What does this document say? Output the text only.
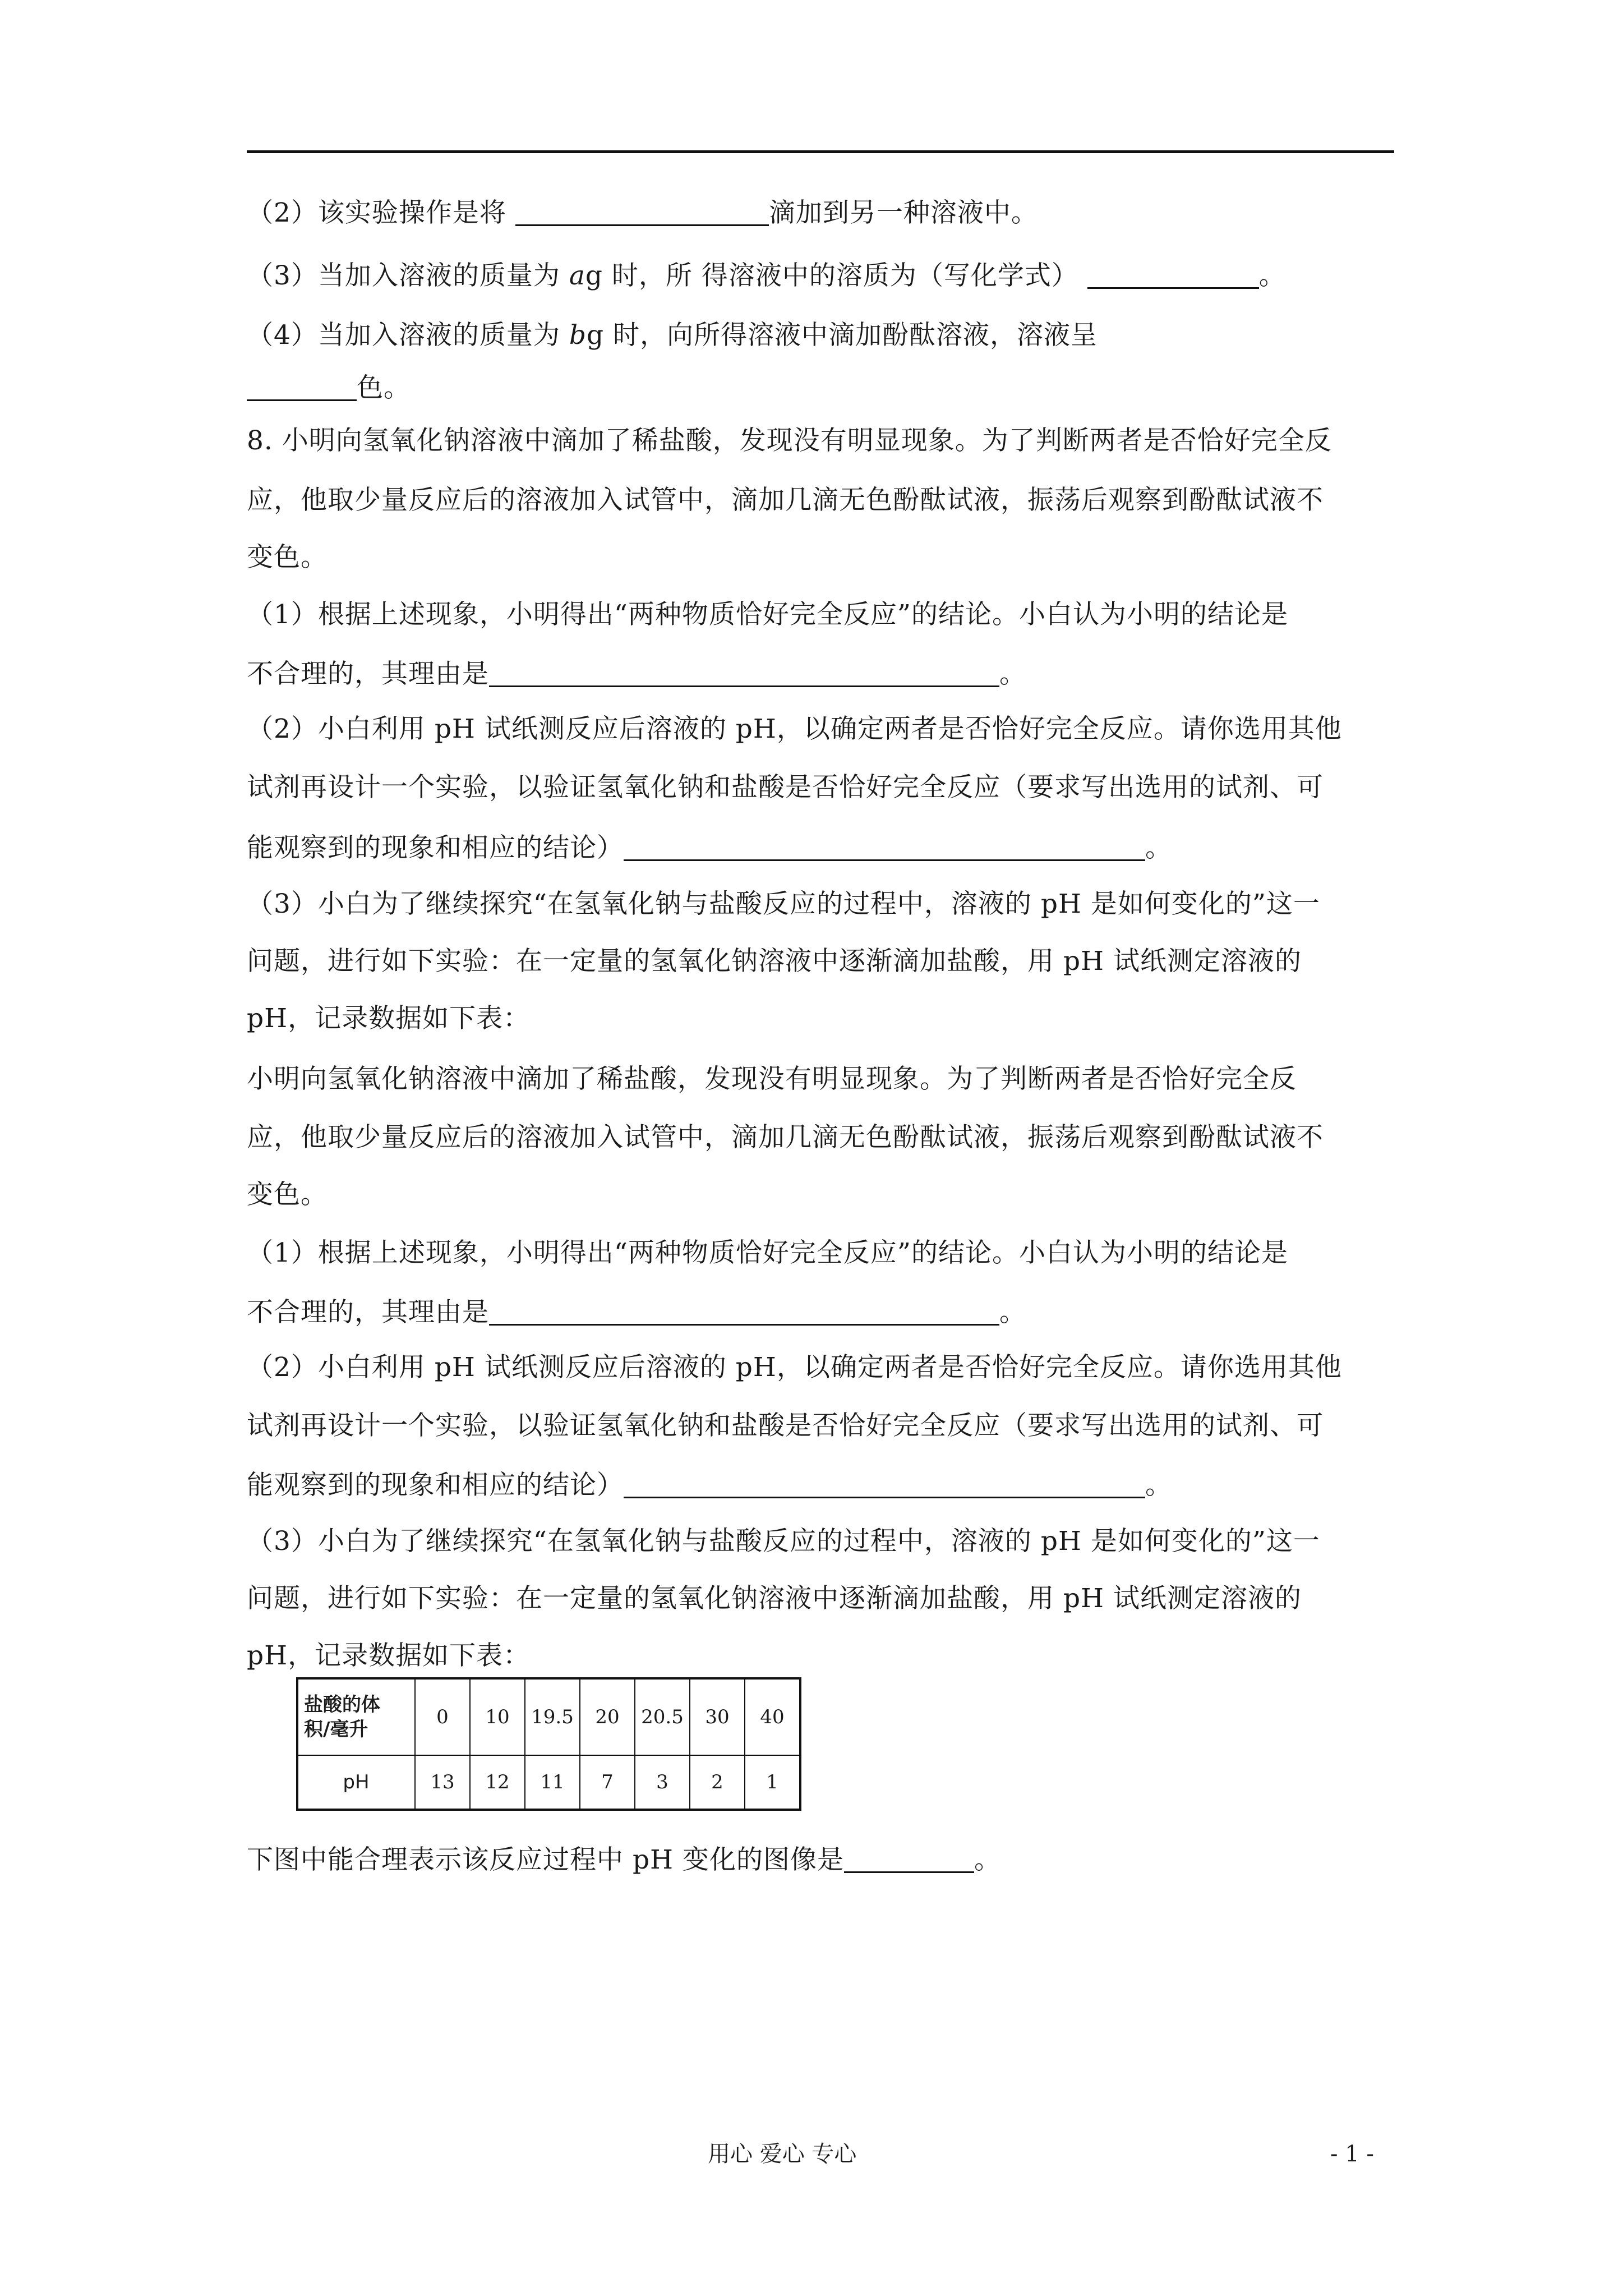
（2）该实验操作是将	滴加到另一种溶液中。
（3）当加入溶液的质量为 ag 时，所 得溶液中的溶质为（写化学式）	。
（4）当加入溶液的质量为 bg 时，向所得溶液中滴加酚酞溶液，溶液呈
色。
8. 小明向氢氧化钠溶液中滴加了稀盐酸，发现没有明显现象。为了判断两者是否恰好完全反
应，他取少量反应后的溶液加入试管中，滴加几滴无色酚酞试液，振荡后观察到酚酞试液不
变色。
（1）根据上述现象，小明得出“两种物质恰好完全反应”的结论。小白认为小明的结论是
不合理的，其理由是	。
（2）小白利用 pH 试纸测反应后溶液的 pH，以确定两者是否恰好完全反应。请你选用其他
试剂再设计一个实验，以验证氢氧化钠和盐酸是否恰好完全反应（要求写出选用的试剂、可
能观察到的现象和相应的结论）	。
（3）小白为了继续探究“在氢氧化钠与盐酸反应的过程中，溶液的 pH 是如何变化的”这一
问题，进行如下实验：在一定量的氢氧化钠溶液中逐渐滴加盐酸，用 pH 试纸测定溶液的
pH，记录数据如下表：
小明向氢氧化钠溶液中滴加了稀盐酸，发现没有明显现象。为了判断两者是否恰好完全反
应，他取少量反应后的溶液加入试管中，滴加几滴无色酚酞试液，振荡后观察到酚酞试液不
变色。
（1）根据上述现象，小明得出“两种物质恰好完全反应”的结论。小白认为小明的结论是
不合理的，其理由是	。
（2）小白利用 pH 试纸测反应后溶液的 pH，以确定两者是否恰好完全反应。请你选用其他
试剂再设计一个实验，以验证氢氧化钠和盐酸是否恰好完全反应（要求写出选用的试剂、可
能观察到的现象和相应的结论）	。
（3）小白为了继续探究“在氢氧化钠与盐酸反应的过程中，溶液的 pH 是如何变化的”这一
问题，进行如下实验：在一定量的氢氧化钠溶液中逐渐滴加盐酸，用 pH 试纸测定溶液的
pH，记录数据如下表：
盐酸的体
积/毫升	0	10	19.5	20	20.5	30	40
pH	13	12	11	7	3	2	1
下图中能合理表示该反应过程中 pH 变化的图像是	。
用心 爱心 专心	- 1 -
